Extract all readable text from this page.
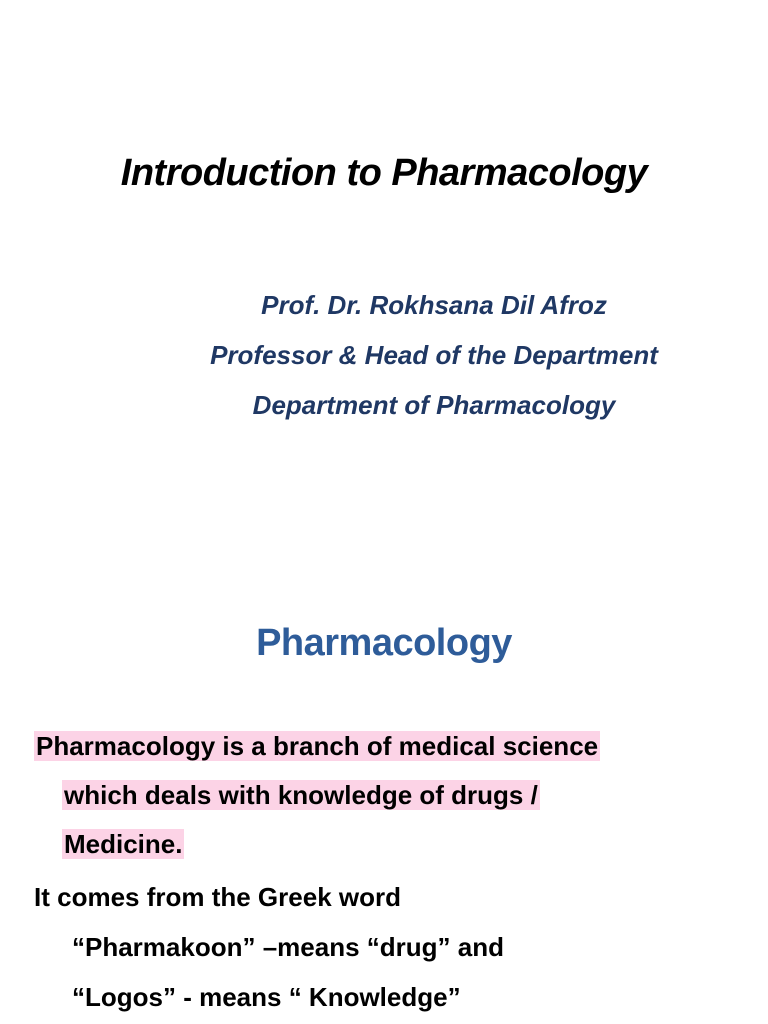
Introduction to Pharmacology
Prof. Dr. Rokhsana Dil Afroz
Professor & Head of the Department
Department of Pharmacology
Pharmacology
Pharmacology is a branch of medical science
which deals with knowledge of drugs /
Medicine.
It comes from the Greek word
“Pharmakoon” –means “drug” and
“Logos” - means “ Knowledge”
